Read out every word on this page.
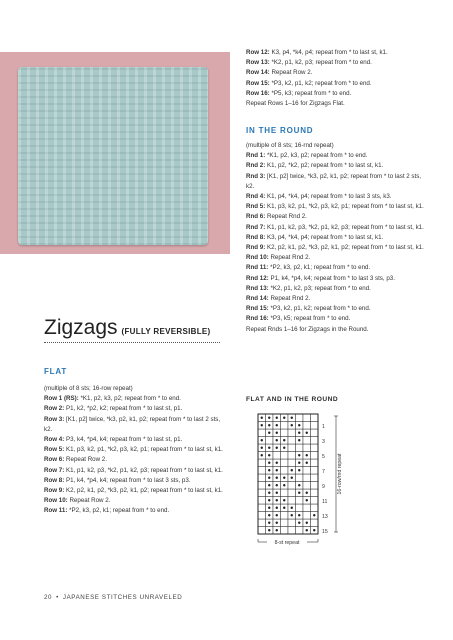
Zigzags (FULLY REVERSIBLE)
FLAT

(multiple of 8 sts; 16-row repeat)

Row 1 (RS): *K1, p2, k3, p2; repeat from * to end.

Row 2: P1, k2, *p2, k2; repeat from * to last st, p1.

Row 3: [K1, p2] twice, *k3, p2, k1, p2; repeat from * to last 2 sts, k2.

Row 4: P3, k4, *p4, k4; repeat from * to last st, p1.

Row 5: K1, p3, k2, p1, *k2, p3, k2, p1; repeat from * to last st, k1.

Row 6: Repeat Row 2.

Row 7: K1, p1, k2, p3, *k2, p1, k2, p3; repeat from * to last st, k1.

Row 8: P1, k4, *p4, k4; repeat from * to last 3 sts, p3.

Row 9: K2, p2, k1, p2, *k3, p2, k1, p2; repeat from * to last st, k1.

Row 10: Repeat Row 2.

Row 11: *P2, k3, p2, k1; repeat from * to end.

Row 12: K3, p4, *k4, p4; repeat from * to last st, k1.

Row 13: *K2, p1, k2, p3; repeat from * to end.

Row 14: Repeat Row 2.

Row 15: *P3, k2, p1, k2; repeat from * to end.

Row 16: *P5, k3; repeat from * to end.

Repeat Rows 1–16 for Zigzags Flat.

IN THE ROUND

(multiple of 8 sts; 16-rnd repeat)

Rnd 1: *K1, p2, k3, p2; repeat from * to end.

Rnd 2: K1, p2, *k2, p2; repeat from * to last st, k1.

Rnd 3: [K1, p2] twice, *k3, p2, k1, p2; repeat from * to last 2 sts, k2.

Rnd 4: K1, p4, *k4, p4; repeat from * to last 3 sts, k3.

Rnd 5: K1, p3, k2, p1, *k2, p3, k2, p1; repeat from * to last st, k1.

Rnd 6: Repeat Rnd 2.

Rnd 7: K1, p1, k2, p3, *k2, p1, k2, p3; repeat from * to last st, k1.

Rnd 8: K3, p4, *k4, p4; repeat from * to last st, k1.

Rnd 9: K2, p2, k1, p2, *k3, p2, k1, p2; repeat from * to last st, k1.

Rnd 10: Repeat Rnd 2.

Rnd 11: *P2, k3, p2, k1; repeat from * to end.

Rnd 12: P1, k4, *p4, k4; repeat from * to last 3 sts, p3.

Rnd 13: *K2, p1, k2, p3; repeat from * to end.

Rnd 14: Repeat Rnd 2.

Rnd 15: *P3, k2, p1, k2; repeat from * to end.

Rnd 16: *P3, k5; repeat from * to end.

Repeat Rnds 1–16 for Zigzags in the Round.

FLAT AND IN THE ROUND
15
13
11
9
7
5
3
1
16-row/rnd repeat
8-st repeat
20 • JAPANESE STITCHES UNRAVELED
